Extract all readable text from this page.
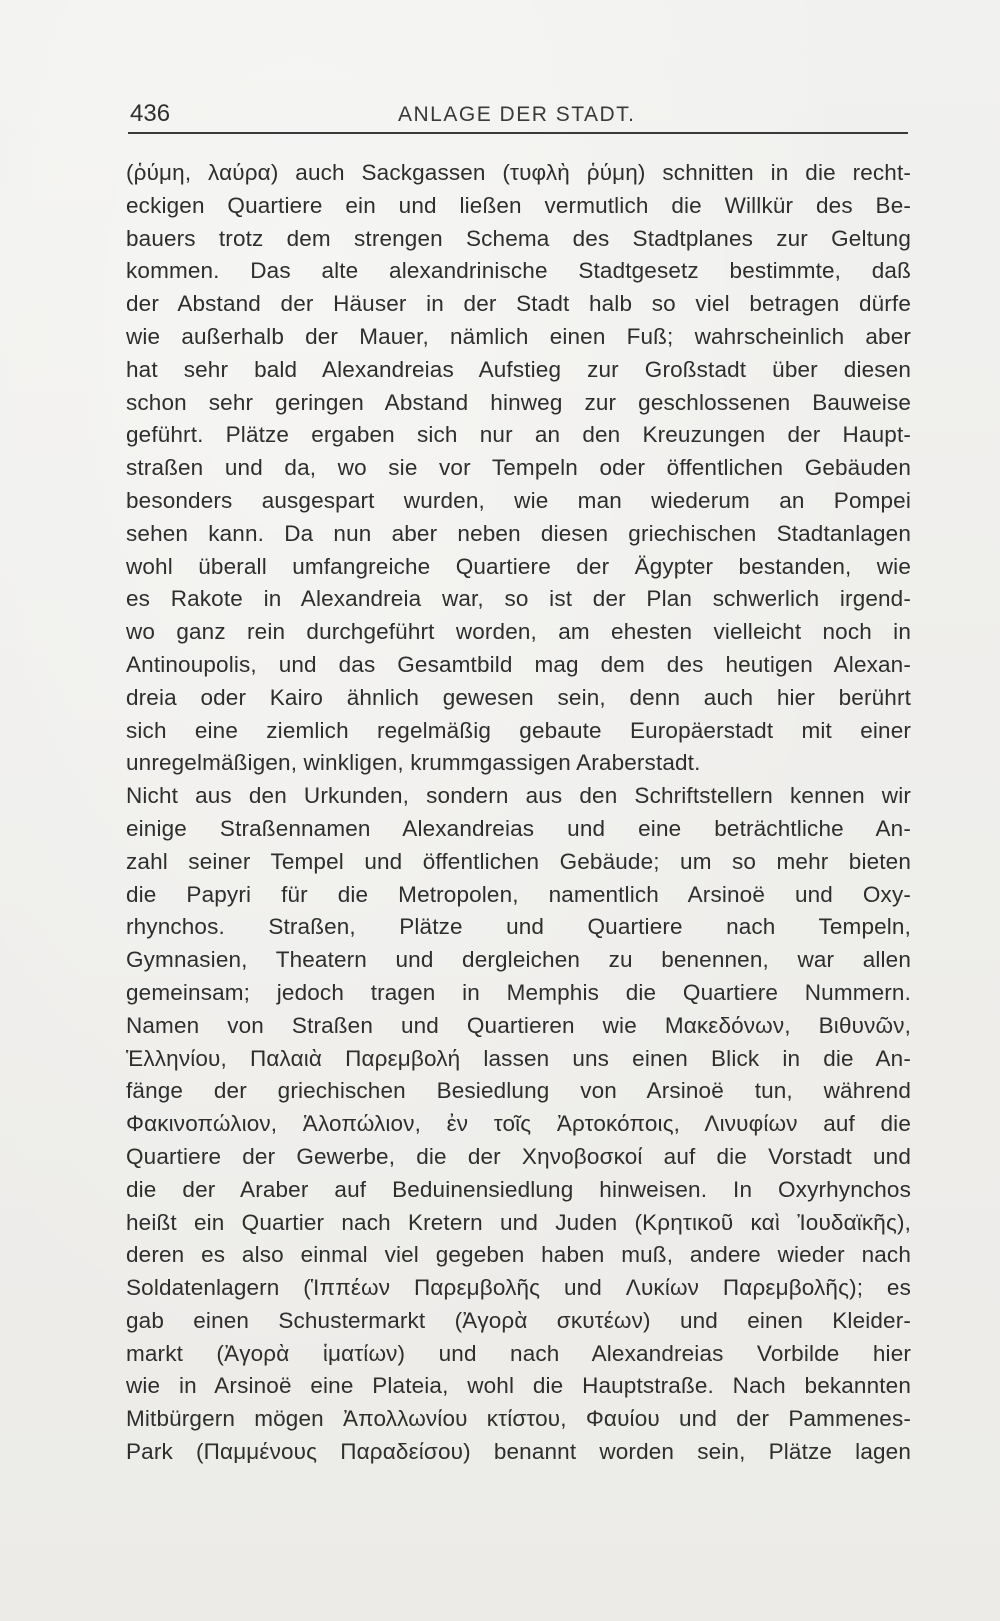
436	ANLAGE DER STADT.
(ῥύμη, λαύρα) auch Sackgassen (τυφλὴ ῥύμη) schnitten in die recht-
eckigen Quartiere ein und ließen vermutlich die Willkür des Be-
bauers trotz dem strengen Schema des Stadtplanes zur Geltung
kommen. Das alte alexandrinische Stadtgesetz bestimmte, daß
der Abstand der Häuser in der Stadt halb so viel betragen dürfe
wie außerhalb der Mauer, nämlich einen Fuß; wahrscheinlich aber
hat sehr bald Alexandreias Aufstieg zur Großstadt über diesen
schon sehr geringen Abstand hinweg zur geschlossenen Bauweise
geführt. Plätze ergaben sich nur an den Kreuzungen der Haupt-
straßen und da, wo sie vor Tempeln oder öffentlichen Gebäuden
besonders ausgespart wurden, wie man wiederum an Pompei
sehen kann. Da nun aber neben diesen griechischen Stadtanlagen
wohl überall umfangreiche Quartiere der Ägypter bestanden, wie
es Rakote in Alexandreia war, so ist der Plan schwerlich irgend-
wo ganz rein durchgeführt worden, am ehesten vielleicht noch in
Antinoupolis, und das Gesamtbild mag dem des heutigen Alexan-
dreia oder Kairo ähnlich gewesen sein, denn auch hier berührt
sich eine ziemlich regelmäßig gebaute Europäerstadt mit einer
unregelmäßigen, winkligen, krummgassigen Araberstadt.
Nicht aus den Urkunden, sondern aus den Schriftstellern kennen wir
einige Straßennamen Alexandreias und eine beträchtliche An-
zahl seiner Tempel und öffentlichen Gebäude; um so mehr bieten
die Papyri für die Metropolen, namentlich Arsinoë und Oxy-
rhynchos. Straßen, Plätze und Quartiere nach Tempeln,
Gymnasien, Theatern und dergleichen zu benennen, war allen
gemeinsam; jedoch tragen in Memphis die Quartiere Nummern.
Namen von Straßen und Quartieren wie Μακεδόνων, Βιθυνῶν,
Ἑλληνίου, Παλαιὰ Παρεμβολή lassen uns einen Blick in die An-
fänge der griechischen Besiedlung von Arsinoë tun, während
Φακινοπώλιον, Ἁλοπώλιον, ἐν τοῖς Ἀρτοκόποις, Λινυφίων auf die
Quartiere der Gewerbe, die der Χηνοβοσκοί auf die Vorstadt und
die der Araber auf Beduinensiedlung hinweisen. In Oxyrhynchos
heißt ein Quartier nach Kretern und Juden (Κρητικοῦ καὶ Ἰουδαϊκῆς),
deren es also einmal viel gegeben haben muß, andere wieder nach
Soldatenlagern (Ἱππέων Παρεμβολῆς und Λυκίων Παρεμβολῆς); es
gab einen Schustermarkt (Ἀγορὰ σκυτέων) und einen Kleider-
markt (Ἀγορὰ ἱματίων) und nach Alexandreias Vorbilde hier
wie in Arsinoë eine Plateia, wohl die Hauptstraße. Nach bekannten
Mitbürgern mögen Ἀπολλωνίου κτίστου, Φαυίου und der Pammenes-
Park (Παμμένους Παραδείσου) benannt worden sein, Plätze lagen
